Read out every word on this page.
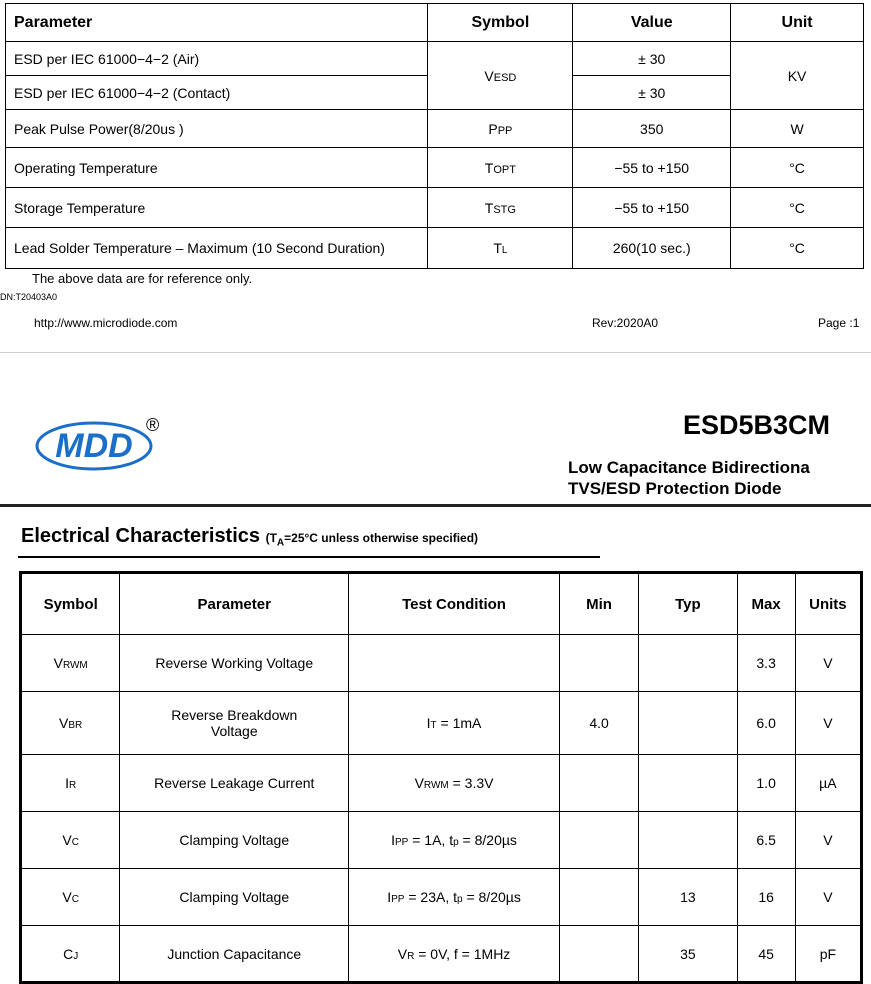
Parameter	Symbol	Value	Unit
ESD per IEC 61000−4−2 (Air)	VESD	± 30	KV
ESD per IEC 61000−4−2 (Contact)		± 30	
Peak Pulse Power(8/20us )	PPP	350	W
Operating Temperature	TOPT	−55 to +150	°C
Storage Temperature	TSTG	−55 to +150	°C
Lead Solder Temperature – Maximum (10 Second Duration)	TL	260(10 sec.)	°C
The above data are for reference only.
DN:T20403A0
http://www.microdiode.com	Rev:2020A0	Page :1
MDD
®	ESD5B3CM
Low Capacitance Bidirectiona
TVS/ESD Protection Diode
Electrical Characteristics ($T_A=25^\circ C$ unless otherwise specified)
Symbol	Parameter	Test Condition	Min	Typ	Max	Units
VRWM	Reverse Working Voltage				3.3	V
VBR	Reverse Breakdown Voltage	IT = 1mA	4.0		6.0	V
IR	Reverse Leakage Current	VRWM = 3.3V			1.0	µA
VC	Clamping Voltage	IPP = 1A, tp = 8/20µs			6.5	V
VC	Clamping Voltage	IPP = 23A, tp = 8/20µs		13	16	V
CJ	Junction Capacitance	VR = 0V, f = 1MHz		35	45	pF
